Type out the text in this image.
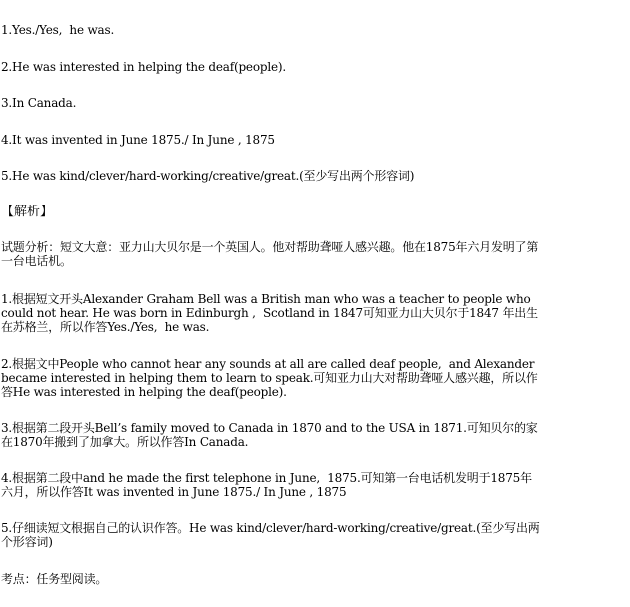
1.Yes./Yes,  he was.
2.He was interested in helping the deaf(people).
3.In Canada.
4.It was invented in June 1875./ In June , 1875
5.He was kind/clever/hard-working/creative/great.(至少写出两个形容词)
【解析】
试题分析：短文大意：亚力山大贝尔是一个英国人。他对帮助聋哑人感兴趣。他在1875年六月发明了第
一台电话机。
1.根据短文开头Alexander Graham Bell was a British man who was a teacher to people who
could not hear. He was born in Edinburgh ,  Scotland in 1847可知亚力山大贝尔于1847 年出生
在苏格兰，所以作答Yes./Yes,  he was.
2.根据文中People who cannot hear any sounds at all are called deaf people,  and Alexander
became interested in helping them to learn to speak.可知亚力山大对帮助聋哑人感兴趣，所以作
答He was interested in helping the deaf(people).
3.根据第二段开头Bell’s family moved to Canada in 1870 and to the USA in 1871.可知贝尔的家
在1870年搬到了加拿大。所以作答In Canada.
4.根据第二段中and he made the first telephone in June,  1875.可知第一台电话机发明于1875年
六月，所以作答It was invented in June 1875./ In June , 1875
5.仔细读短文根据自己的认识作答。He was kind/clever/hard-working/creative/great.(至少写出两
个形容词)
考点：任务型阅读。
